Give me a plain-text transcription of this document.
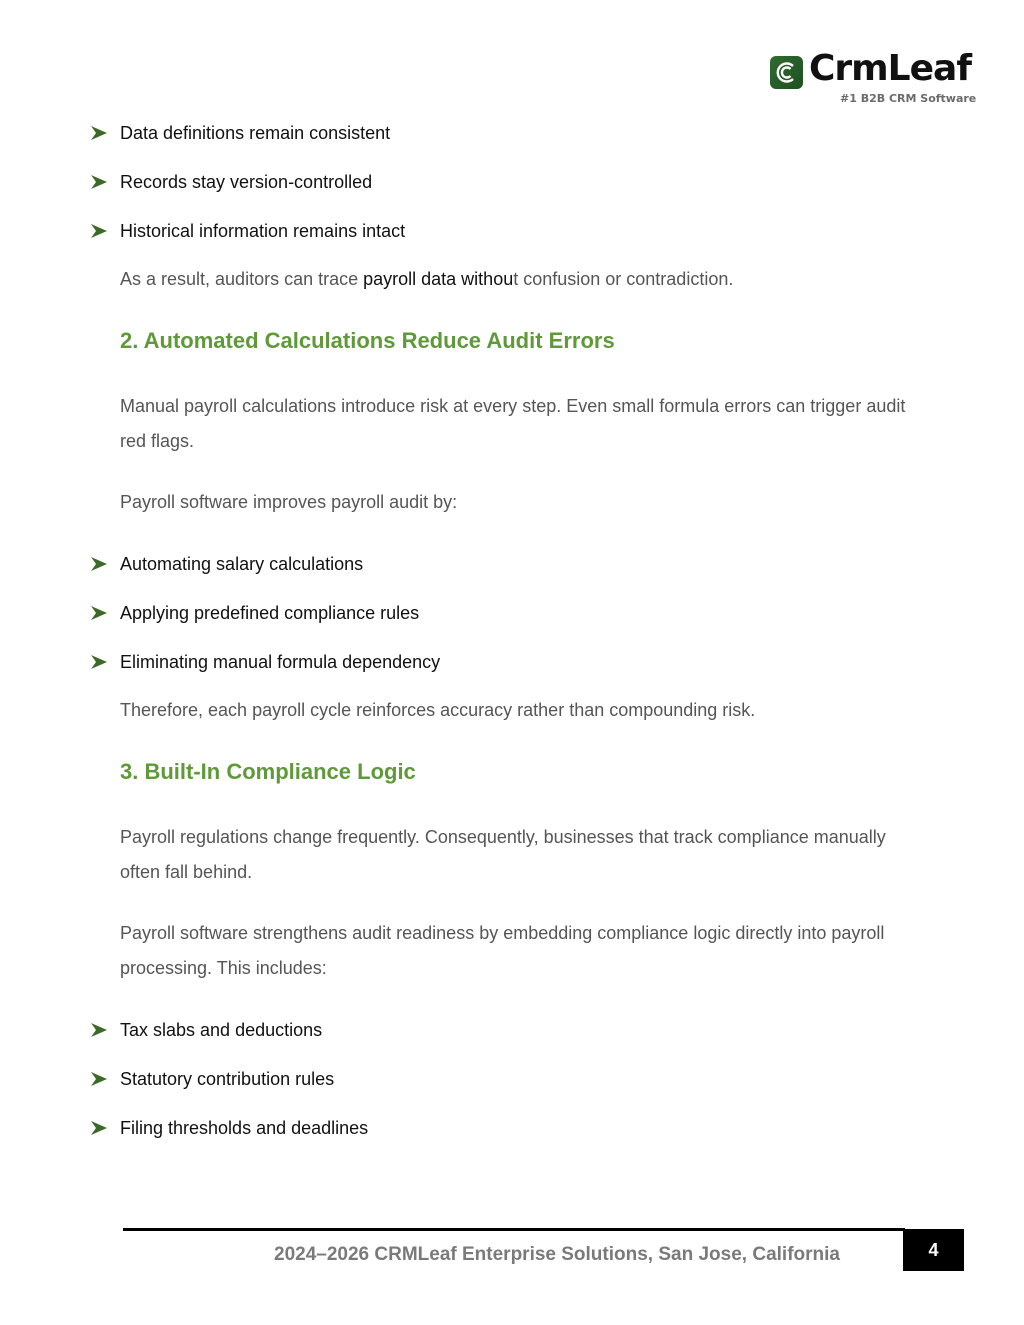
CrmLeaf
#1 B2B CRM Software
Data definitions remain consistent
Records stay version-controlled
Historical information remains intact
As a result, auditors can trace payroll data without confusion or contradiction.
2. Automated Calculations Reduce Audit Errors
Manual payroll calculations introduce risk at every step. Even small formula errors can trigger audit red flags.
Payroll software improves payroll audit by:
Automating salary calculations
Applying predefined compliance rules
Eliminating manual formula dependency
Therefore, each payroll cycle reinforces accuracy rather than compounding risk.
3. Built-In Compliance Logic
Payroll regulations change frequently. Consequently, businesses that track compliance manually often fall behind.
Payroll software strengthens audit readiness by embedding compliance logic directly into payroll processing. This includes:
Tax slabs and deductions
Statutory contribution rules
Filing thresholds and deadlines
2024–2026 CRMLeaf Enterprise Solutions, San Jose, California	4
